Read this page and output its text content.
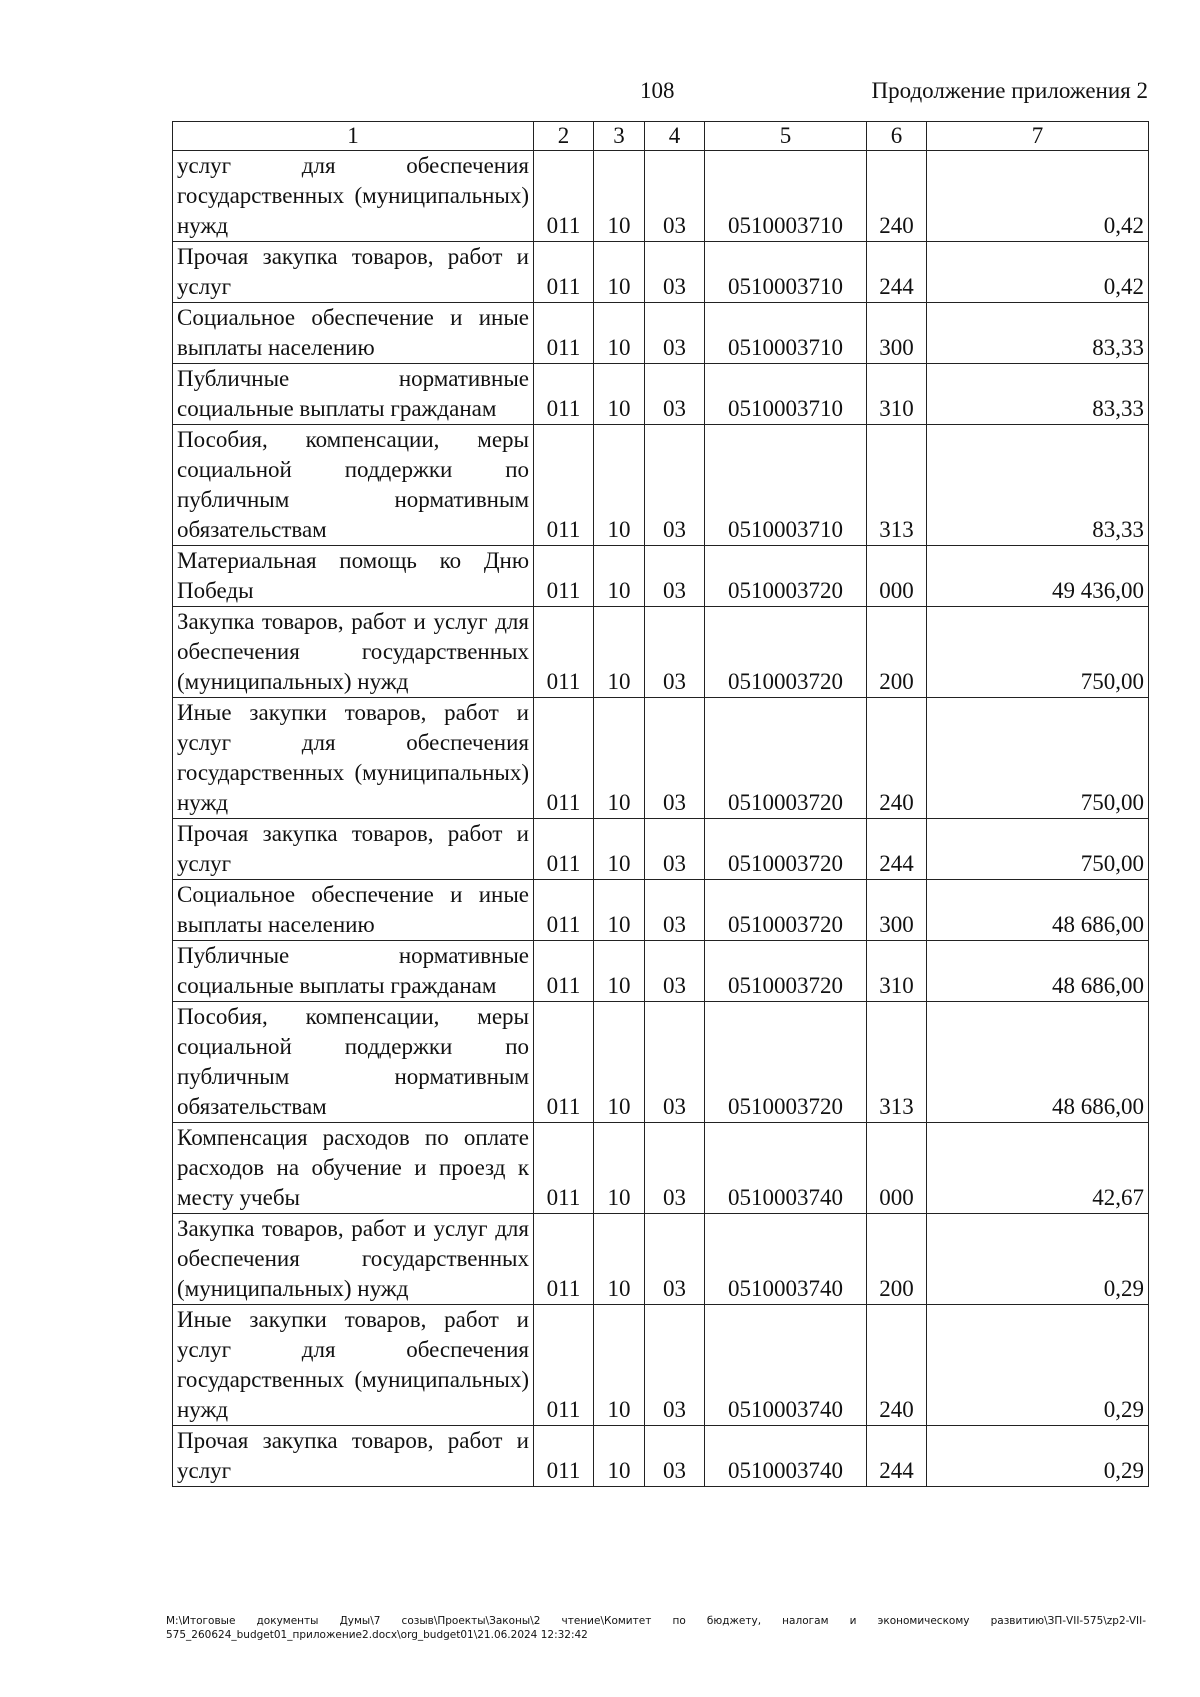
108	Продолжение приложения 2
1	2	3	4	5	6	7
услуг для обеспечения государственных (муниципальных) нужд	011	10	03	0510003710	240	0,42
Прочая закупка товаров, работ и услуг	011	10	03	0510003710	244	0,42
Социальное обеспечение и иные выплаты населению	011	10	03	0510003710	300	83,33
Публичные нормативные социальные выплаты гражданам	011	10	03	0510003710	310	83,33
Пособия, компенсации, меры социальной поддержки по публичным нормативным обязательствам	011	10	03	0510003710	313	83,33
Материальная помощь ко Дню Победы	011	10	03	0510003720	000	49 436,00
Закупка товаров, работ и услуг для обеспечения государственных (муниципальных) нужд	011	10	03	0510003720	200	750,00
Иные закупки товаров, работ и услуг для обеспечения государственных (муниципальных) нужд	011	10	03	0510003720	240	750,00
Прочая закупка товаров, работ и услуг	011	10	03	0510003720	244	750,00
Социальное обеспечение и иные выплаты населению	011	10	03	0510003720	300	48 686,00
Публичные нормативные социальные выплаты гражданам	011	10	03	0510003720	310	48 686,00
Пособия, компенсации, меры социальной поддержки по публичным нормативным обязательствам	011	10	03	0510003720	313	48 686,00
Компенсация расходов по оплате расходов на обучение и проезд к месту учебы	011	10	03	0510003740	000	42,67
Закупка товаров, работ и услуг для обеспечения государственных (муниципальных) нужд	011	10	03	0510003740	200	0,29
Иные закупки товаров, работ и услуг для обеспечения государственных (муниципальных) нужд	011	10	03	0510003740	240	0,29
Прочая закупка товаров, работ и услуг	011	10	03	0510003740	244	0,29
M:\Итоговые документы Думы\7 созыв\Проекты\Законы\2 чтение\Комитет по бюджету, налогам и экономическому развитию\ЗП-VII-575\zp2-VII-575_260624_budget01_приложение2.docx\org_budget01\21.06.2024 12:32:42
